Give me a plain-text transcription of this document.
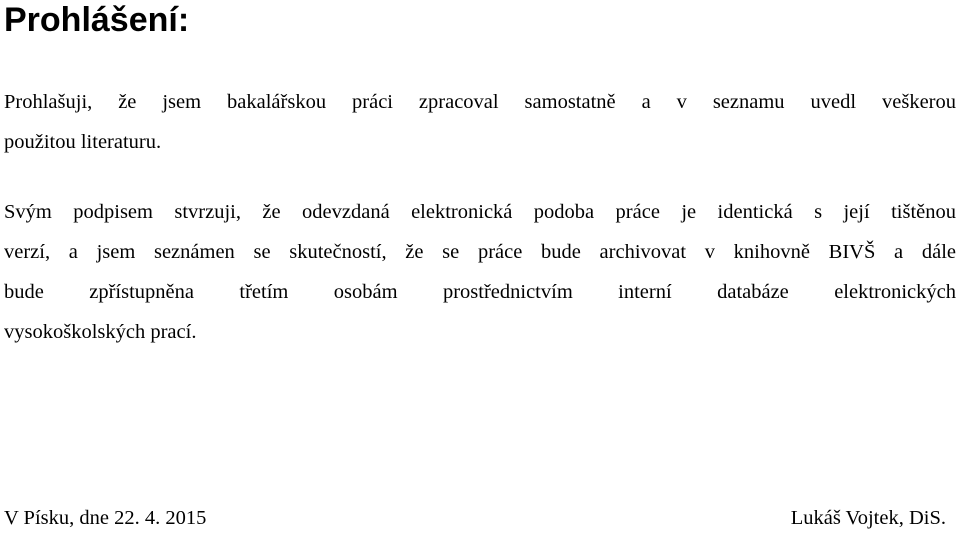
Prohlášení:
Prohlašuji, že jsem bakalářskou práci zpracoval samostatně a v seznamu uvedl veškerou
použitou literaturu.
Svým podpisem stvrzuji, že odevzdaná elektronická podoba práce je identická s její tištěnou
verzí, a jsem seznámen se skutečností, že se práce bude archivovat v knihovně BIVŠ a dále
bude zpřístupněna třetím osobám prostřednictvím interní databáze elektronických
vysokoškolských prací.
V Písku, dne 22. 4. 2015	Lukáš Vojtek, DiS.
